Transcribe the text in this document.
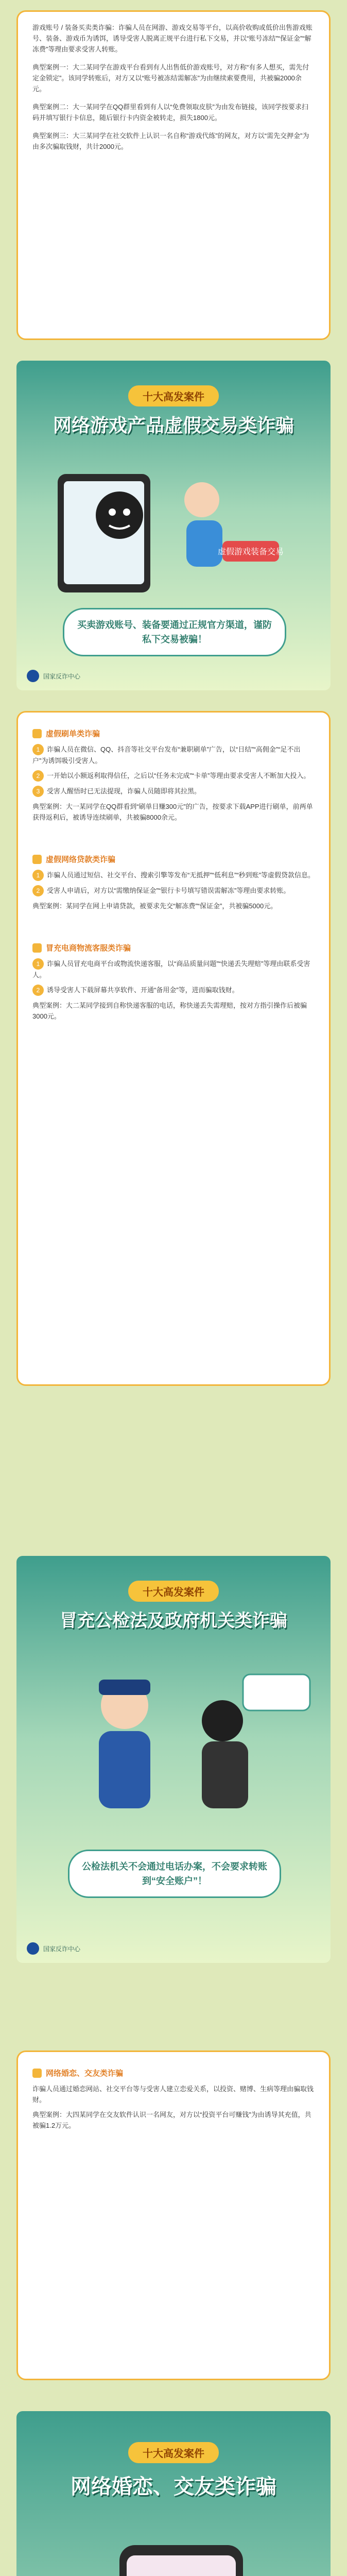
游戏账号 / 装备买卖类诈骗：诈骗人员在网游、游戏交易等平台，以高价收购或低价出售游戏账号、装备、游戏币为诱饵，诱导受害人脱离正规平台进行私下交易，并以“账号冻结”“保证金”“解冻费”等理由要求受害人转账。

典型案例一：大二某同学在游戏平台看到有人出售低价游戏账号，对方称“有多人想买，需先付定金锁定”。该同学转账后，对方又以“账号被冻结需解冻”为由继续索要费用，共被骗2000余元。

典型案例二：大一某同学在QQ群里看到有人以“免费领取皮肤”为由发布链接，该同学按要求扫码并填写银行卡信息，随后银行卡内资金被转走，损失1800元。

典型案例三：大三某同学在社交软件上认识一名自称“游戏代练”的网友，对方以“需先交押金”为由多次骗取钱财，共计2000元。

十大高发案件
网络游戏产品虚假交易类诈骗
虚假游戏装备交易
买卖游戏账号、装备要通过正规官方渠道，谨防私下交易被骗！
国家反诈中心
虚假刷单类诈骗

1 诈骗人员在微信、QQ、抖音等社交平台发布“兼职刷单”广告，以“日结”“高佣金”“足不出户”为诱饵吸引受害人。

2 一开始以小额返利取得信任，之后以“任务未完成”“卡单”等理由要求受害人不断加大投入。

3 受害人醒悟时已无法提现，诈骗人员随即将其拉黑。

典型案例：大一某同学在QQ群看到“刷单日赚300元”的广告，按要求下载APP进行刷单，前两单获得返利后，被诱导连续刷单，共被骗8000余元。

虚假网络贷款类诈骗

1 诈骗人员通过短信、社交平台、搜索引擎等发布“无抵押”“低利息”“秒到账”等虚假贷款信息。

2 受害人申请后，对方以“需缴纳保证金”“银行卡号填写错误需解冻”等理由要求转账。

典型案例：某同学在网上申请贷款，被要求先交“解冻费”“保证金”，共被骗5000元。

冒充电商物流客服类诈骗

1 诈骗人员冒充电商平台或物流快递客服，以“商品质量问题”“快递丢失理赔”等理由联系受害人。

2 诱导受害人下载屏幕共享软件、开通“备用金”等，进而骗取钱财。

典型案例：大二某同学接到自称快递客服的电话，称快递丢失需理赔，按对方指引操作后被骗3000元。

十大高发案件
冒充公检法及政府机关类诈骗
公检法机关不会通过电话办案，不会要求转账到“安全账户”！
国家反诈中心
网络婚恋、交友类诈骗

诈骗人员通过婚恋网站、社交平台等与受害人建立恋爱关系，以投资、赌博、生病等理由骗取钱财。

典型案例：大四某同学在交友软件认识一名网友，对方以“投资平台可赚钱”为由诱导其充值，共被骗1.2万元。

十大高发案件
网络婚恋、交友类诈骗
